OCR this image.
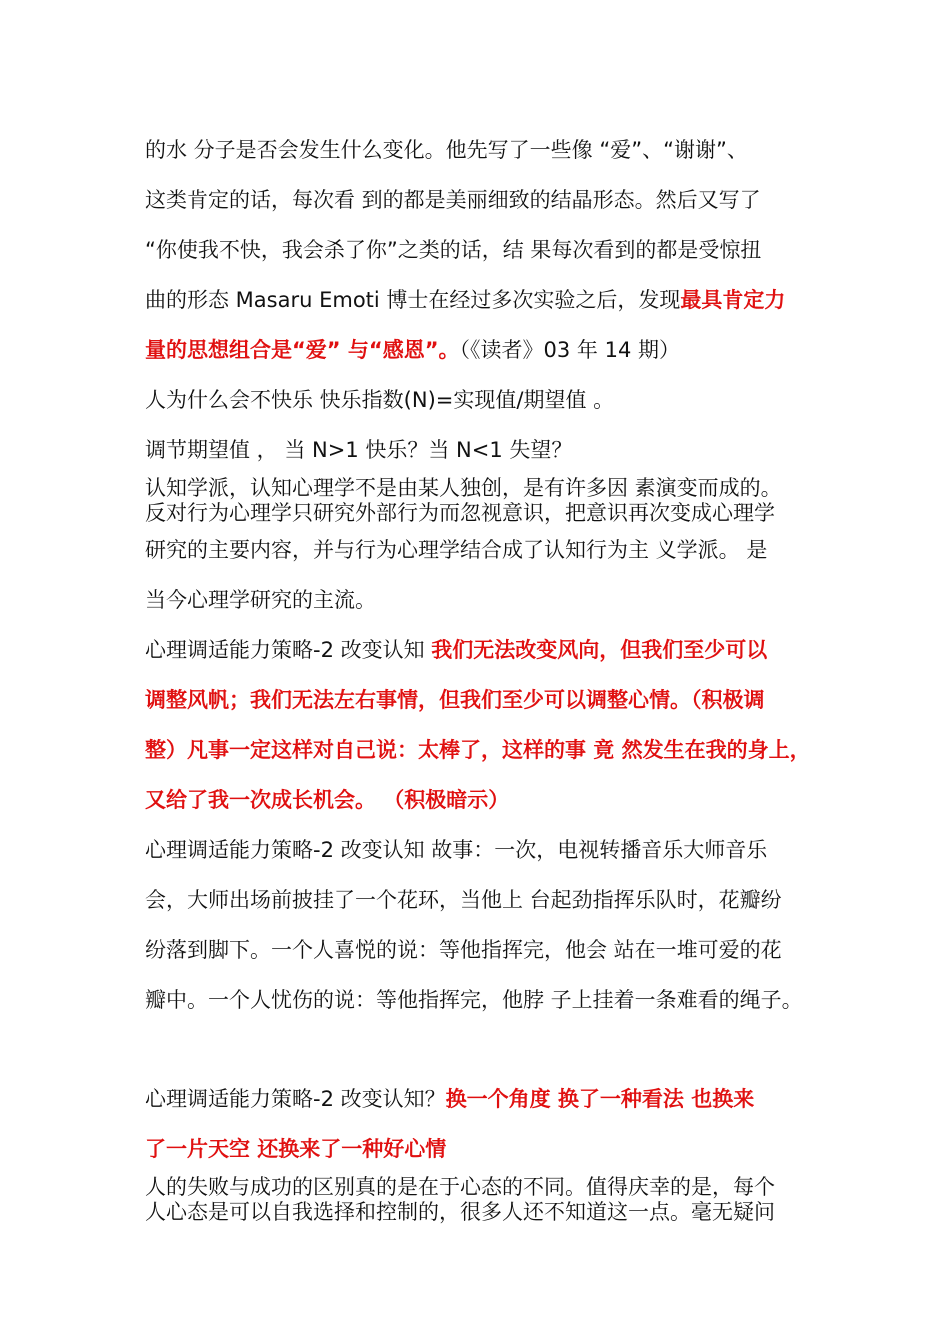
的水 分子是否会发生什么变化。他先写了一些像 “爱”、“谢谢”、
这类肯定的话，每次看 到的都是美丽细致的结晶形态。然后又写了
“你使我不快，我会杀了你”之类的话，结 果每次看到的都是受惊扭
曲的形态 Masaru Emoti 博士在经过多次实验之后，发现最具肯定力
量的思想组合是“爱” 与“感恩”。（《读者》03 年 14 期）
人为什么会不快乐 快乐指数(N)=实现值/期望值 。
调节期望值 ， 当 N>1 快乐？当 N<1 失望？
认知学派，认知心理学不是由某人独创，是有许多因 素演变而成的。
反对行为心理学只研究外部行为而忽视意识，把意识再次变成心理学
研究的主要内容，并与行为心理学结合成了认知行为主 义学派。 是
当今心理学研究的主流。
心理调适能力策略-2 改变认知 我们无法改变风向，但我们至少可以
调整风帆；我们无法左右事情，但我们至少可以调整心情。（积极调
整）凡事一定这样对自己说：太棒了，这样的事 竟 然发生在我的身上，
又给了我一次成长机会。 （积极暗示）
心理调适能力策略-2 改变认知 故事：一次，电视转播音乐大师音乐
会，大师出场前披挂了一个花环，当他上 台起劲指挥乐队时，花瓣纷
纷落到脚下。一个人喜悦的说：等他指挥完，他会 站在一堆可爱的花
瓣中。一个人忧伤的说：等他指挥完，他脖 子上挂着一条难看的绳子。
心理调适能力策略-2 改变认知？换一个角度 换了一种看法 也换来
了一片天空 还换来了一种好心情
人的失败与成功的区别真的是在于心态的不同。值得庆幸的是，每个
人心态是可以自我选择和控制的，很多人还不知道这一点。毫无疑问
